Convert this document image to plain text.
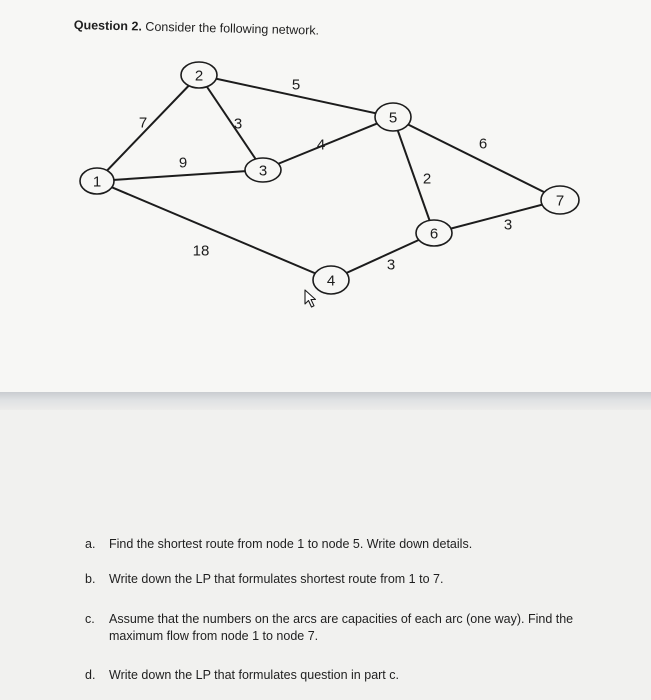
Question 2. Consider the following network.
7
9
18
3
5
4
3
2
6
3
1
2
3
4
5
6
7
a. Find the shortest route from node 1 to node 5. Write down details.
b. Write down the LP that formulates shortest route from 1 to 7.
c. Assume that the numbers on the arcs are capacities of each arc (one way). Find the maximum flow from node 1 to node 7.
d. Write down the LP that formulates question in part c.
